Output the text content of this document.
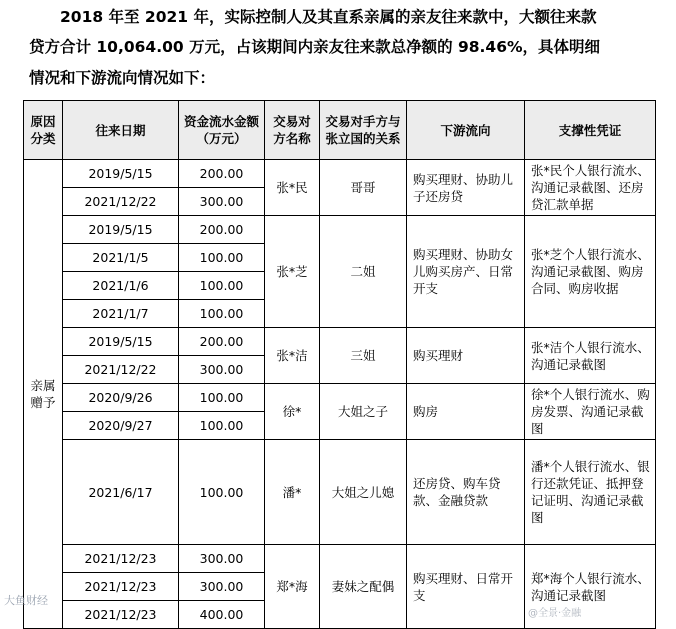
2018 年至 2021 年，实际控制人及其直系亲属的亲友往来款中，大额往来款
贷方合计 10,064.00 万元，占该期间内亲友往来款总净额的 98.46%，具体明细
情况和下游流向情况如下：
原因分类	往来日期	资金流水金额（万元）	交易对方名称	交易对手方与张立国的关系	下游流向	支撑性凭证
亲属赠予	2019/5/15	200.00	张*民	哥哥	购买理财、协助儿子还房贷	张*民个人银行流水、沟通记录截图、还房贷汇款单据
	2021/12/22	300.00				
	2019/5/15	200.00	张*芝	二姐	购买理财、协助女儿购买房产、日常开支	张*芝个人银行流水、沟通记录截图、购房合同、购房收据
	2021/1/5	100.00				
	2021/1/6	100.00				
	2021/1/7	100.00				
	2019/5/15	200.00	张*洁	三姐	购买理财	张*洁个人银行流水、沟通记录截图
	2021/12/22	300.00				
	2020/9/26	100.00	徐*	大姐之子	购房	徐*个人银行流水、购房发票、沟通记录截图
	2020/9/27	100.00				
	2021/6/17	100.00	潘*	大姐之儿媳	还房贷、购车贷款、金融贷款	潘*个人银行流水、银行还款凭证、抵押登记证明、沟通记录截图
	2021/12/23	300.00	郑*海	妻妹之配偶	购买理财、日常开支	郑*海个人银行流水、沟通记录截图
	2021/12/23	300.00				
	2021/12/23	400.00				
大鱼财经
@全景·金融
